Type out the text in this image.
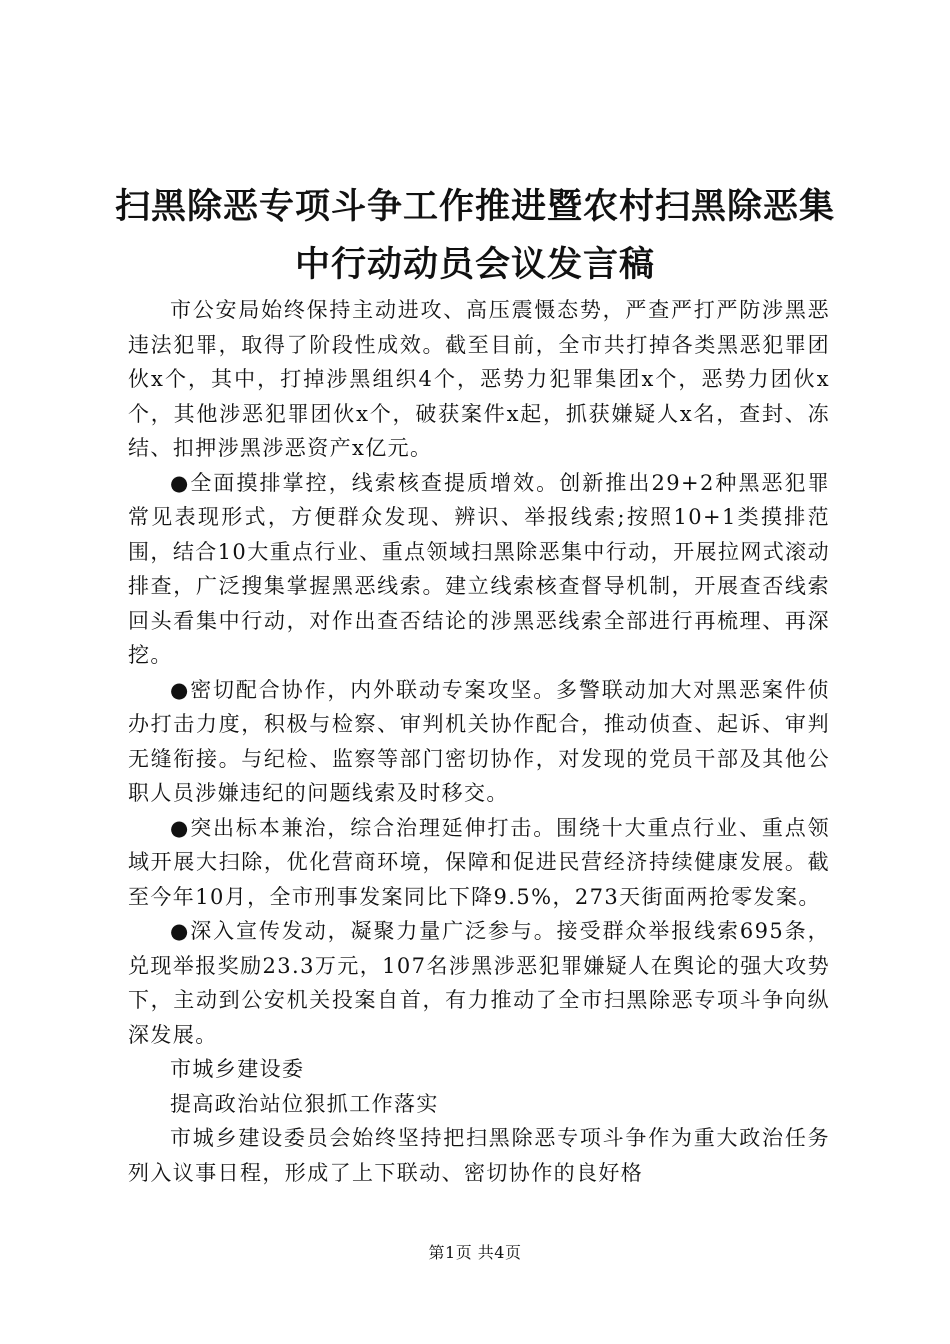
扫黑除恶专项斗争工作推进暨农村扫黑除恶集中行动动员会议发言稿

市公安局始终保持主动进攻、高压震慑态势，严查严打严防涉黑恶违法犯罪，取得了阶段性成效。截至目前，全市共打掉各类黑恶犯罪团伙x个，其中，打掉涉黑组织4个，恶势力犯罪集团x个，恶势力团伙x个，其他涉恶犯罪团伙x个，破获案件x起，抓获嫌疑人x名，查封、冻结、扣押涉黑涉恶资产x亿元。

●全面摸排掌控，线索核查提质增效。创新推出29+2种黑恶犯罪常见表现形式，方便群众发现、辨识、举报线索;按照10+1类摸排范围，结合10大重点行业、重点领域扫黑除恶集中行动，开展拉网式滚动排查，广泛搜集掌握黑恶线索。建立线索核查督导机制，开展查否线索回头看集中行动，对作出查否结论的涉黑恶线索全部进行再梳理、再深挖。

●密切配合协作，内外联动专案攻坚。多警联动加大对黑恶案件侦办打击力度，积极与检察、审判机关协作配合，推动侦查、起诉、审判无缝衔接。与纪检、监察等部门密切协作，对发现的党员干部及其他公职人员涉嫌违纪的问题线索及时移交。

●突出标本兼治，综合治理延伸打击。围绕十大重点行业、重点领域开展大扫除，优化营商环境，保障和促进民营经济持续健康发展。截至今年10月，全市刑事发案同比下降9.5%，273天街面两抢零发案。

●深入宣传发动，凝聚力量广泛参与。接受群众举报线索695条，兑现举报奖励23.3万元，107名涉黑涉恶犯罪嫌疑人在舆论的强大攻势下，主动到公安机关投案自首，有力推动了全市扫黑除恶专项斗争向纵深发展。

市城乡建设委

提高政治站位狠抓工作落实

市城乡建设委员会始终坚持把扫黑除恶专项斗争作为重大政治任务列入议事日程，形成了上下联动、密切协作的良好格

第1页 共4页
